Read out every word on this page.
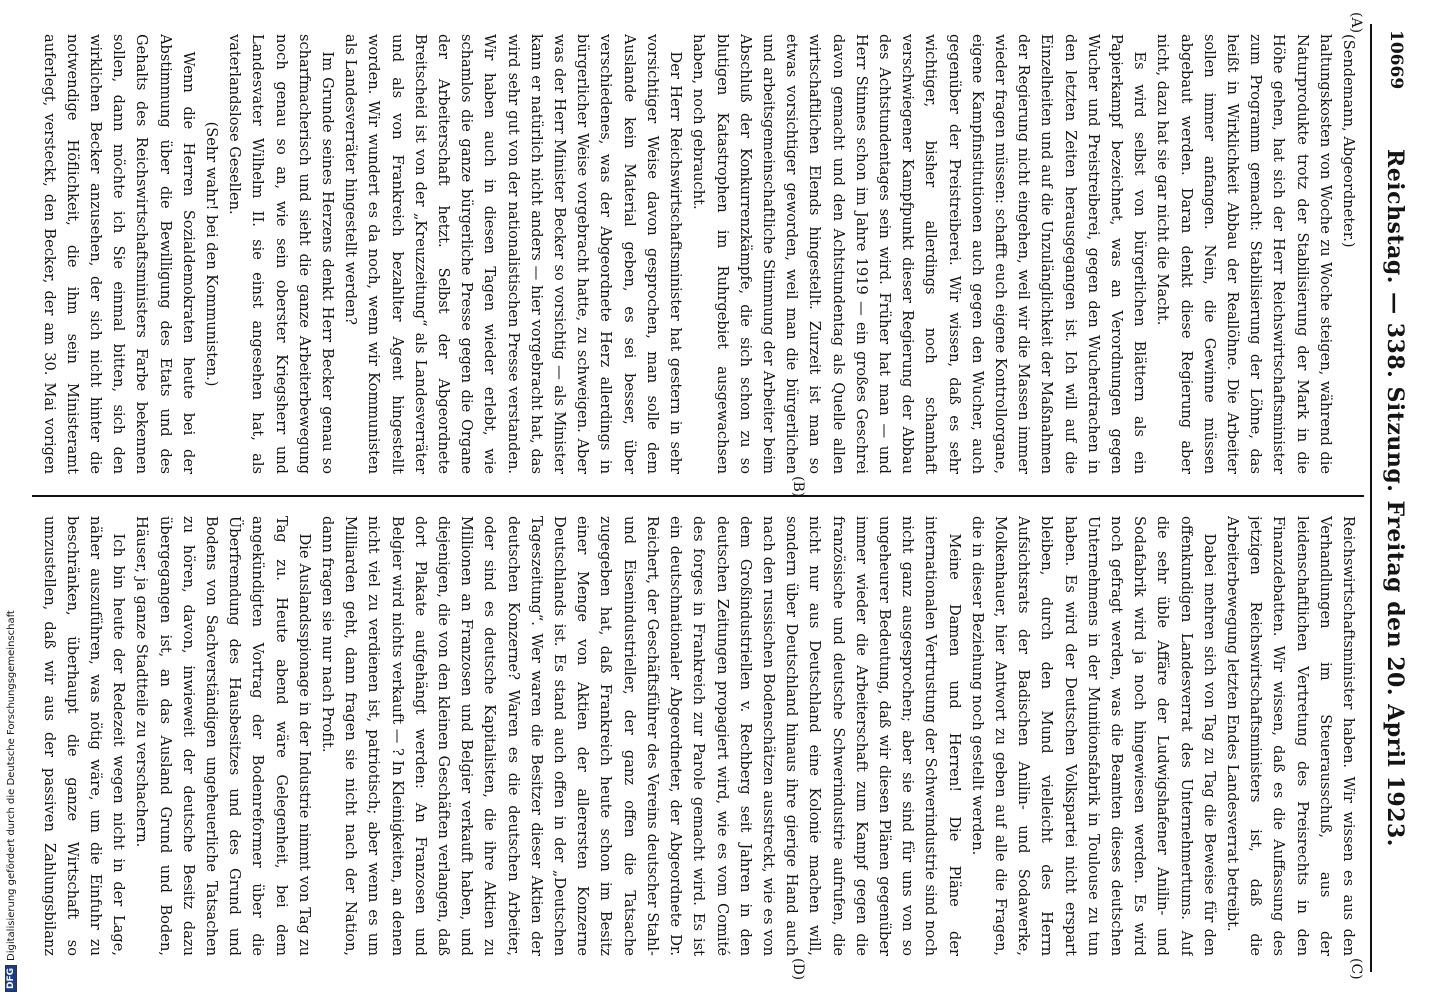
DFG
Digitalisierung gefördert durch die Deutsche Forschungsgemeinschaft
10669
Reichstag. — 338. Sitzung. Freitag den 20. April 1923.
(A)
(B)
(C)
(D)

(Sendemann, Abgeordneter.)

haltungskosten von Woche zu Woche steigen, während die Naturprodukte trotz der Stabilisierung der Mark in die Höhe gehen, hat sich der Herr Reichswirtschaftsminister zum Programm gemacht: Stabilisierung der Löhne, das heißt in Wirklichkeit Abbau der Reallöhne. Die Arbeiter sollen immer anfangen. Nein, die Gewinne müssen abgebaut werden. Daran denkt diese Regierung aber nicht, dazu hat sie gar nicht die Macht.

Es wird selbst von bürgerlichen Blättern als ein Papierkampf bezeichnet, was an Verordnungen gegen Wucher und Preistreiberei, gegen den Wucherdrachen in den letzten Zeiten herausgegangen ist. Ich will auf die Einzelheiten und auf die Unzulänglichkeit der Maßnahmen der Regierung nicht eingehen, weil wir die Massen immer wieder fragen müssen: schafft euch eigene Kontrollorgane, eigene Kampfinstitutionen auch gegen den Wucher, auch gegenüber der Preistreiberei. Wir wissen, daß es sehr wichtiger, bisher allerdings noch schamhaft verschwiegener Kampfpunkt dieser Regierung der Abbau des Achtstundentages sein wird. Früher hat man — und Herr Stinnes schon im Jahre 1919 — ein großes Geschrei davon gemacht und den Achtstundentag als Quelle allen wirtschaftlichen Elends hingestellt. Zurzeit ist man so etwas vorsichtiger geworden, weil man die bürgerlichen und arbeitsgemeinschaftliche Stimmung der Arbeiter beim Abschluß der Konkurrenzkämpfe, die sich schon zu so blutigen Katastrophen im Ruhrgebiet ausgewachsen haben, noch gebraucht.

Der Herr Reichswirtschaftsminister hat gestern in sehr vorsichtiger Weise davon gesprochen, man solle dem Auslande kein Material geben, es sei besser, über verschiedenes, was der Abgeordnete Herz allerdings in bürgerlicher Weise vorgebracht hatte, zu schweigen. Aber was der Herr Minister Becker so vorsichtig — als Minister kann er natürlich nicht anders — hier vorgebracht hat, das wird sehr gut von der nationalistischen Presse verstanden. Wir haben auch in diesen Tagen wieder erlebt, wie schamlos die ganze bürgerliche Presse gegen die Organe der Arbeiterschaft hetzt. Selbst der Abgeordnete Breitscheid ist von der „Kreuzzeitung“ als Landesverräter und als von Frankreich bezahlter Agent hingestellt worden. Wir wundert es da noch, wenn wir Kommunisten als Landesverräter hingestellt werden?

Im Grunde seines Herzens denkt Herr Becker genau so scharfmacherisch und sieht die ganze Arbeiterbewegung noch genau so an, wie sein oberster Kriegsherr und Landesvater Wilhelm II. sie einst angesehen hat, als vaterlandslose Gesellen.

(Sehr wahr! bei den Kommunisten.)

Wenn die Herren Sozialdemokraten heute bei der Abstimmung über die Bewilligung des Etats und des Gehalts des Reichswirtschaftsministers Farbe bekennen sollen, dann möchte ich Sie einmal bitten, sich den wirklichen Becker anzusehen, der sich nicht hinter die notwendige Höflichkeit, die ihm sein Ministeramt auferlegt, versteckt, den Becker, der am 30. Mai vorigen

Reichswirtschaftsminister haben. Wir wissen es aus den Verhandlungen im Steuerausschuß, aus der leidenschaftlichen Vertretung des Preisrechts in den Finanzdebatten. Wir wissen, daß es die Auffassung des jetzigen Reichswirtschaftsministers ist, daß die Arbeiterbewegung letzten Endes Landesverrat betreibt.

Dabei mehren sich von Tag zu Tag die Beweise für den offenkundigen Landesverrat des Unternehmertums. Auf die sehr üble Affäre der Ludwigshafener Anilin- und Sodafabrik wird ja noch hingewiesen werden. Es wird noch gefragt werden, was die Beamten dieses deutschen Unternehmens in der Munitionsfabrik in Toulouse zu tun haben. Es wird der Deutschen Volkspartei nicht erspart bleiben, durch den Mund vielleicht des Herrn Aufsichtsrats der Badischen Anilin- und Sodawerke, Molkenhauer, hier Antwort zu geben auf alle die Fragen, die in dieser Beziehung noch gestellt werden.

Meine Damen und Herren! Die Pläne der internationalen Vertrustung der Schwerindustrie sind noch nicht ganz ausgesprochen; aber sie sind für uns von so ungeheurer Bedeutung, daß wir diesen Plänen gegenüber immer wieder die Arbeiterschaft zum Kampf gegen die französische und deutsche Schwerindustrie aufrufen, die nicht nur aus Deutschland eine Kolonie machen will, sondern über Deutschland hinaus ihre gierige Hand auch nach den russischen Bodenschätzen ausstreckt, wie es von dem Großindustriellen v. Rechberg seit Jahren in den deutschen Zeitungen propagiert wird, wie es vom Comité des forges in Frankreich zur Parole gemacht wird. Es ist ein deutschnationaler Abgeordneter, der Abgeordnete Dr. Reichert, der Geschäftsführer des Vereins deutscher Stahl- und Eisenindustrieller, der ganz offen die Tatsache zugegeben hat, daß Frankreich heute schon im Besitz einer Menge von Aktien der allerersten Konzerne Deutschlands ist. Es stand auch offen in der „Deutschen Tageszeitung“. Wer waren die Besitzer dieser Aktien der deutschen Konzerne? Waren es die deutschen Arbeiter, oder sind es deutsche Kapitalisten, die ihre Aktien zu Millionen an Franzosen und Belgier verkauft haben, und diejenigen, die von den kleinen Geschäften verlangen, daß dort Plakate aufgehängt werden: An Franzosen und Belgier wird nichts verkauft — ? In Kleinigkeiten, an denen nicht viel zu verdienen ist, patriotisch; aber wenn es um Milliarden geht, dann fragen sie nicht nach der Nation, dann fragen sie nur nach Profit.

Die Auslandsspionage in der Industrie nimmt von Tag zu Tag zu. Heute abend wäre Gelegenheit, bei dem angekündigten Vortrag der Bodenreformer über die Überfremdung des Hausbesitzes und des Grund und Bodens von Sachverständigen ungeheuerliche Tatsachen zu hören, davon, inwieweit der deutsche Besitz dazu übergegangen ist, an das Ausland Grund und Boden, Häuser, ja ganze Stadtteile zu verschachern.

Ich bin heute der Redezeit wegen nicht in der Lage, näher auszuführen, was nötig wäre, um die Einfuhr zu beschränken, überhaupt die ganze Wirtschaft so umzustellen, daß wir aus der passiven Zahlungsbilanz
